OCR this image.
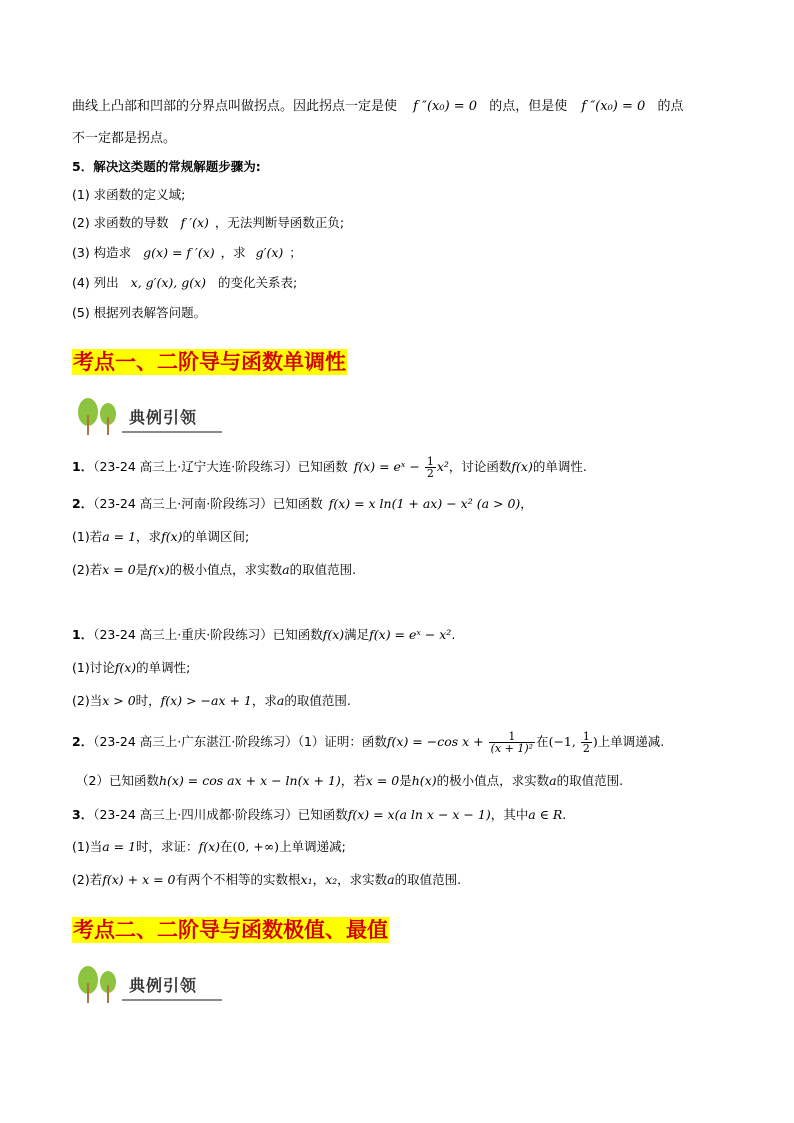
曲线上凸部和凹部的分界点叫做拐点。因此拐点一定是使 f ″(x₀) = 0 的点，但是使 f ″(x₀) = 0 的点
不一定都是拐点。
5．解决这类题的常规解题步骤为:
(1) 求函数的定义域;
(2) 求函数的导数 f ′(x) ，无法判断导函数正负;
(3) 构造求 g(x) = f ′(x) ，求 g′(x) ；
(4) 列出 x, g′(x), g(x) 的变化关系表;
(5) 根据列表解答问题。
考点一、二阶导与函数单调性
典例引领
1．（23-24 高三上·辽宁大连·阶段练习）已知函数 f(x) = eˣ − $\frac{1}{2} x^2$，讨论函数f(x)的单调性.
2．（23-24 高三上·河南·阶段练习）已知函数 f(x) = x ln(1 + ax) − x² (a > 0)，
(1)若a = 1，求f(x)的单调区间;
(2)若x = 0是f(x)的极小值点，求实数a的取值范围.
1．（23-24 高三上·重庆·阶段练习）已知函数f(x)满足f(x) = eˣ − x².
(1)讨论f(x)的单调性;
(2)当x > 0时，f(x) > −ax + 1，求a的取值范围.
2．（23-24 高三上·广东湛江·阶段练习）（1）证明：函数f(x) = −cos $x + \frac{1}{\text{(x + 1)²}}$ 在(−1, $\frac{1}{2}$ )上单调递减.
（2）已知函数h(x) = cos ax + x − ln(x + 1)，若x = 0是h(x)的极小值点，求实数a的取值范围.
3．（23-24 高三上·四川成都·阶段练习）已知函数f(x) = x(a ln x − x − 1)，其中a ∈ R.
(1)当a = 1时，求证：f(x)在(0, +∞)上单调递减;
(2)若f(x) + x = 0有两个不相等的实数根x₁，x₂，求实数a的取值范围.
考点二、二阶导与函数极值、最值
典例引领
